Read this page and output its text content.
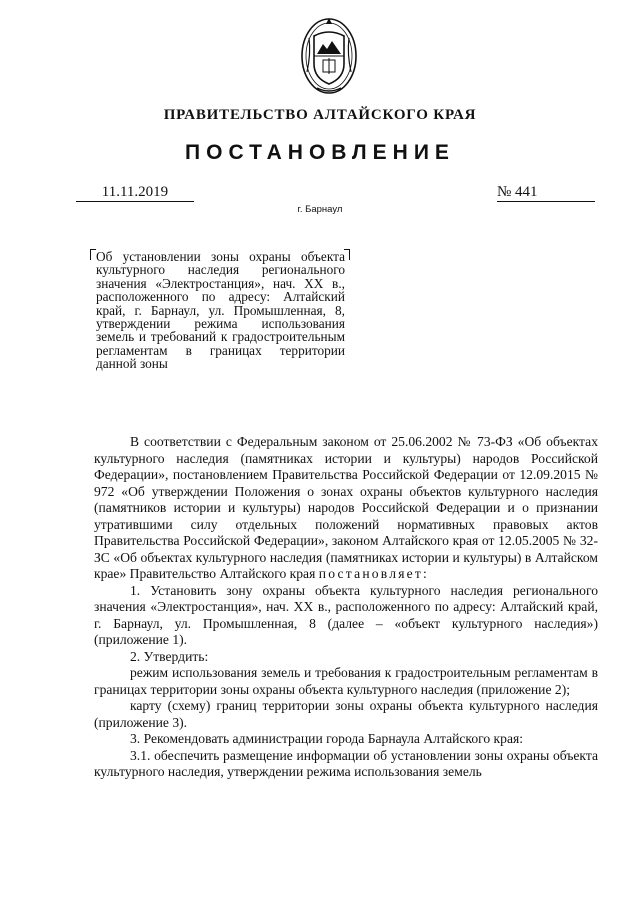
ПРАВИТЕЛЬСТВО АЛТАЙСКОГО КРАЯ
ПОСТАНОВЛЕНИЕ
11.11.2019	№ 441
г. Барнаул
Об установлении зоны охраны объекта культурного наследия регионального значения «Электростанция», нач. XX в., расположенного по адресу: Алтайский край, г. Барнаул, ул. Промышленная, 8, утверждении режима использования земель и требований к градостроительным регламентам в границах территории данной зоны

В соответствии с Федеральным законом от 25.06.2002 № 73-ФЗ «Об объектах культурного наследия (памятниках истории и культуры) народов Российской Федерации», постановлением Правительства Российской Федерации от 12.09.2015 № 972 «Об утверждении Положения о зонах охраны объектов культурного наследия (памятников истории и культуры) народов Российской Федерации и о признании утратившими силу отдельных положений нормативных правовых актов Правительства Российской Федерации», законом Алтайского края от 12.05.2005 № 32-ЗС «Об объектах культурного наследия (памятниках истории и культуры) в Алтайском крае» Правительство Алтайского края постановляет:

1. Установить зону охраны объекта культурного наследия регионального значения «Электростанция», нач. XX в., расположенного по адресу: Алтайский край, г. Барнаул, ул. Промышленная, 8 (далее – «объект культурного наследия») (приложение 1).

2. Утвердить:

режим использования земель и требования к градостроительным регламентам в границах территории зоны охраны объекта культурного наследия (приложение 2);

карту (схему) границ территории зоны охраны объекта культурного наследия (приложение 3).

3. Рекомендовать администрации города Барнаула Алтайского края:

3.1. обеспечить размещение информации об установлении зоны охраны объекта культурного наследия, утверждении режима использования земель
